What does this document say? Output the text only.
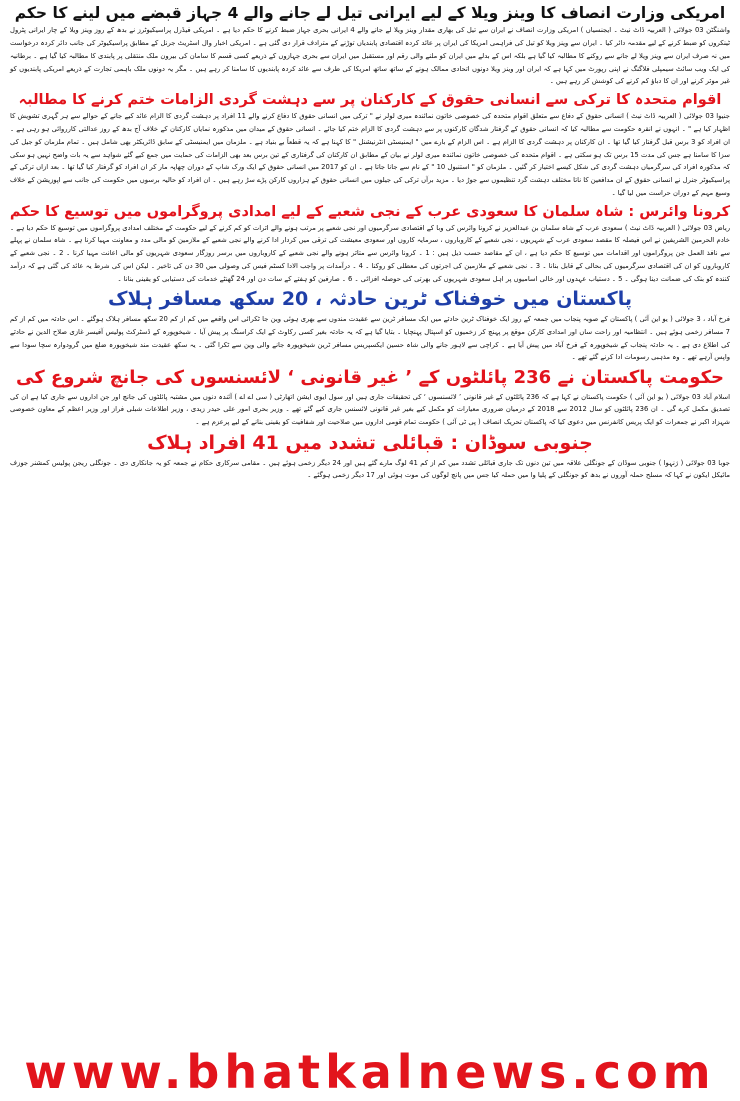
امریکی وزارت انصاف کا وینز ویلا کے لیے ایرانی تیل لے جانے والے 4 جہاز قبضے میں لینے کا حکم

واشنگٹن 03 جولائی ( العربیہ ڈاٹ نیٹ ۔ ایجنسیاں ) امریکی وزارت انصاف نے ایران سے تیل کی بھاری مقدار وینز ویلا لے جانے والے 4 ایرانی بحری جہاز ضبط کرنے کا حکم دیا ہے ۔ امریکی فیڈرل پراسیکیوٹرز نے بدھ کے روز وینز ویلا کے چار ایرانی پٹرول ٹینکروں کو ضبط کرنے کے لیے مقدمہ دائر کیا ۔ ایران سے وینز ویلا کو تیل کی فراہمی امریکا کی ایران پر عائد کردہ اقتصادی پابندیاں توڑنے کے مترادف قرار دی گئی ہے ۔ امریکی اخبار وال اسٹریٹ جرنل کے مطابق پراسیکیوٹر کی جانب دائر کردہ درخواست میں نہ صرف ایران سے وینز ویلا لے جانے سے روکنے کا مطالبہ کیا گیا ہے بلکہ اس کے بدلے میں ایران کو ملنے والی رقم اور مستقبل میں ایران سے بحری جہازوں کے ذریعے کسی قسم کا سامان کی بیرون ملک منتقلی پر پابندی کا مطالبہ کیا گیا ہے ۔ برطانیہ کی ایک ویب سائٹ سیمپلی فلاگنگ نے اپنی رپورٹ میں کہا ہے کہ ایران اور وینز ویلا دونوں اتحادی ممالک ہونے کے ساتھ ساتھ امریکا کی طرف سے عائد کردہ پابندیوں کا سامنا کر رہے ہیں ۔ مگر یہ دونوں ملک باہمی تجارت کے ذریعے امریکی پابندیوں کو غیر موثر کرنے اور ان کا دباؤ کم کرنے کی کوشش کر رہے ہیں ۔

اقوام متحدہ کا ترکی سے انسانی حقوق کے کارکنان پر سے دہشت گردی الزامات ختم کرنے کا مطالبہ

جنیوا 03 جولائی ( العربیہ ڈاٹ نیٹ ) انسانی حقوق کے دفاع سے متعلق اقوام متحدہ کی خصوصی خاتون نمائندہ میری لولر نے " ترکی میں انسانی حقوق کا دفاع کرنے والے 11 افراد پر دہشت گردی کا الزام عائد کیے جانے کے حوالے سے ہر گہری تشویش کا اظہار کیا ہے " ۔ انہوں نے انقرہ حکومت سے مطالبہ کیا کہ انسانی حقوق کے گرفتار شدگان کارکنوں پر سے دہشت گردی کا الزام ختم کیا جائے ۔ انسانی حقوق کے میدان میں مذکورہ نمایاں کارکنان کے خلاف آج بدھ کے روز عدالتی کارروائی ہو رہی ہے ۔ ان افراد کو 3 برس قبل گرفتار کیا گیا تھا ۔ ان کارکنان پر دہشت گردی کا الزام ہے ۔ اس الزام کے بارے میں " ایمنیسٹی انٹرنیشنل " کا کہنا ہے کہ یہ قطعاً بے بنیاد ہے ۔ ملزمان میں ایمنیسٹی کے سابق ڈائریکٹر بھی شامل ہیں ۔ تمام ملزمان کو جیل کی سزا کا سامنا ہے جس کی مدت 15 برس تک ہو سکتی ہے ۔ اقوام متحدہ کی خصوصی خاتون نمائندہ میری لولر نے بیان کے مطابق ان کارکنان کی گرفتاری کے تین برس بعد بھی الزامات کی حمایت میں جمع کیے گئے شواہد سے یہ بات واضح نہیں ہو سکی کہ مذکورہ افراد کی سرگرمیاں دہشت گردی کی شکل کیسے اختیار کر گئیں ۔ ملزمان کو " استنبول 10 " کے نام سے جانا جاتا ہے ۔ ان کو 2017 میں انسانی حقوق کے ایک ورک شاپ کے دوران چھاپہ مار کر ان افراد کو گرفتار کیا گیا تھا ۔ بعد ازاں ترکی کے پراسیکیوٹر جنرل نے انسانی حقوق کے ان مدافعین کا ناتا مختلف دہشت گرد تنظیموں سے جوڑ دیا ۔ مزید برآں ترکی کی جیلوں میں انسانی حقوق کے ہزاروں کارکن پڑے سڑ رہے ہیں ۔ ان افراد کو حالیہ برسوں میں حکومت کی جانب سے اپوزیشن کے خلاف وسیع مہم کے دوران حراست میں لیا گیا ۔

کرونا وائرس : شاہ سلمان کا سعودی عرب کے نجی شعبے کے لیے امدادی پروگراموں میں توسیع کا حکم

ریاض 03 جولائی ( العربیہ ڈاٹ نیٹ ) سعودی عرب کے شاہ سلمان بن عبدالعزیز نے کرونا وائرس کی وبا کے اقتصادی سرگرمیوں اور نجی شعبے پر مرتب ہونے والے اثرات کو کم کرنے کے لیے حکومت کے مختلف امدادی پروگراموں میں توسیع کا حکم دیا ہے ۔ خادم الحرمین الشریفین نے اس فیصلہ کا مقصد سعودی عرب کے شہریوں ، نجی شعبے کے کاروباروں ، سرمایہ کاروں اور سعودی معیشت کی ترقی میں کردار ادا کرنے والے نجی شعبے کے ملازمین کو مالی مدد و معاونت مہیا کرنا ہے ۔ شاہ سلمان نے پہلے سے نافذ العمل جن پروگراموں اور اقدامات میں توسیع کا حکم دیا ہے ، ان کے مقاصد حسب ذیل ہیں : 1 ۔ کرونا وائرس سے متاثر ہونے والے نجی شعبے کے کاروباروں میں برسر روزگار سعودی شہریوں کو مالی اعانت مہیا کرنا ۔ 2 ۔ نجی شعبے کے کاروباروں کو ان کی اقتصادی سرگرمیوں کی بحالی کے قابل بنانا ۔ 3 ۔ نجی شعبے کے ملازمین کی اجرتوں کی معطلی کو روکنا ۔ 4 ۔ درآمدات پر واجب الادا کسٹم فیس کی وصولی میں 30 دن کی تاخیر ۔ لیکن اس کی شرط یہ عائد کی گئی ہے کہ درآمد کنندہ کو بنک کی ضمانت دینا ہوگی ۔ 5 ۔ دستیاب عہدوں اور خالی اسامیوں پر اہل سعودی شہریوں کی بھرتی کی حوصلہ افزائی ۔ 6 ۔ صارفین کو ہفتے کے سات دن اور 24 گھنٹے خدمات کی دستیابی کو یقینی بنانا ۔

پاکستان میں خوفناک ٹرین حادثہ ، 20 سکھ مسافر ہلاک

فرخ آباد ، 3 جولائی ( یو این آئی ) پاکستان کے صوبہ پنجاب میں جمعہ کے روز ایک خوفناک ٹرین حادثے میں ایک مسافر ٹرین سے عقیدت مندوں سے بھری ہوئی وین جا ٹکرائی اس واقعے میں کم از کم 20 سکھ مسافر ہلاک ہوگئے ۔ اس حادثہ میں کم از کم 7 مسافر زخمی ہوئے ہیں ۔ انتظامیہ اور راحت ساں اور امدادی کارکن موقع پر پہنچ کر زخمیوں کو اسپتال پہنچایا ۔ بتایا گیا ہے کہ یہ حادثہ بغیر کسی رکاوٹ کے ایک کراسنگ پر پیش آیا ۔ شیخوپورہ کے ڈسٹرکٹ پولیس آفیسر غازی صلاح الدین نے حادثے کی اطلاع دی ہے ۔ یہ حادثہ پنجاب کے شیخوپورہ کے فرخ آباد میں پیش آیا ہے ۔ کراچی سے لاہور جانے والی شاہ حسین ایکسپریس مسافر ٹرین شیخوپورہ جانے والی وین سے ٹکرا گئی ۔ یہ سکھ عقیدت مند شیخوپورہ ضلع میں گرودوارہ سچا سودا سے واپس آرہے تھے ۔ وہ مذہبی رسومات ادا کرنے گئے تھے ۔

حکومت پاکستان نے 236 پائلٹوں کے ’ غیر قانونی ‘ لائسنسوں کی جانچ شروع کی

اسلام آباد 03 جولائی ( یو این آئی ) حکومت پاکستان نے کہا ہے کہ 236 پائلٹوں کے غیر قانونی ’ لائسنسوں ‘ کی تحقیقات جاری ہیں اور سول ایوی ایشن اتھارٹی ( سی اے اے ) آئندہ دنوں میں مشتبہ پائلٹوں کی جانچ اور جن اداروں سے جاری کیا ہے ان کی تصدیق مکمل کرے گی ۔ ان 236 پائلٹوں کو سال 2012 سے 2018 کے درمیان ضروری معیارات کو مکمل کیے بغیر غیر قانونی لائسنس جاری کیے گئے تھے ۔ وزیر بحری امور علی حیدر زیدی ، وزیر اطلاعات شبلی فراز اور وزیر اعظم کے معاون خصوصی شہزاد اکبر نے جمعرات کو ایک پریس کانفرنس میں دعوی کیا کہ پاکستان تحریک انصاف ( پی ٹی آئی ) حکومت تمام قومی اداروں میں صلاحیت اور شفافیت کو یقینی بنانے کے لیے پرعزم ہے ۔

جنوبی سوڈان : قبائلی تشدد میں 41 افراد ہلاک

جوبا 03 جولائی ( ژنہوا ) جنوبی سوڈان کے جونگلی علاقہ میں تین دنوں تک جاری قبائلی تشدد میں کم از کم 41 لوگ مارے گئے ہیں اور 24 دیگر زخمی ہوئے ہیں ۔ مقامی سرکاری حکام نے جمعہ کو یہ جانکاری دی ۔ جونگلی ریجن پولیس کمشنر جوزف مائیکل ایکون نے کہا کہ مسلح حملہ آوروں نے بدھ کو جونگلی کے پلیا وا میں حملہ کیا جس میں پانچ لوگوں کی موت ہوئی اور 17 دیگر زخمی ہوگئے ۔

www.bhatkalnews.com
